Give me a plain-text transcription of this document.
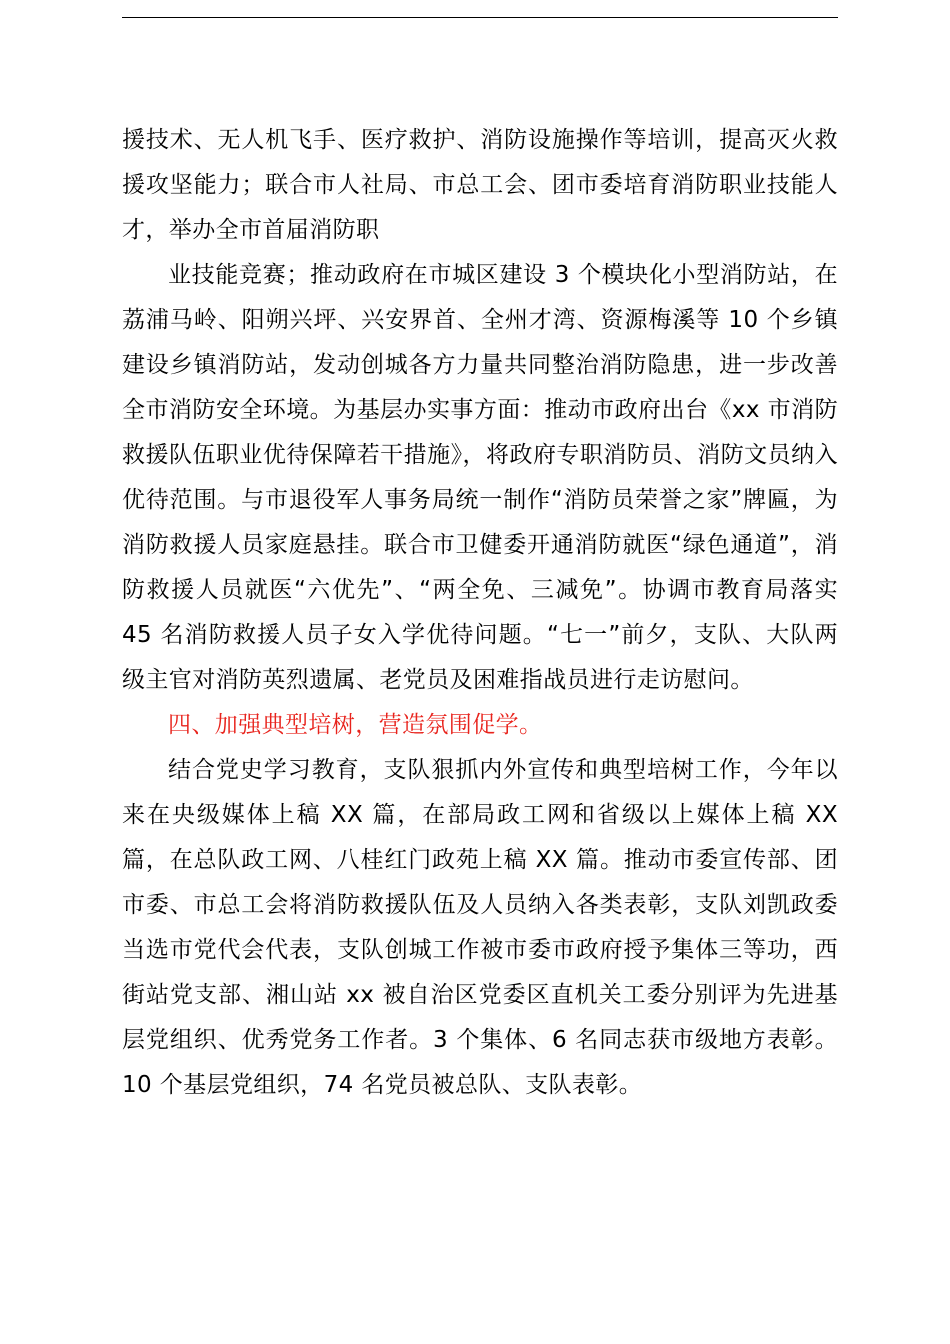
援技术、无人机飞手、医疗救护、消防设施操作等培训，提高灭火救援攻坚能力；联合市人社局、市总工会、团市委培育消防职业技能人才，举办全市首届消防职

业技能竞赛；推动政府在市城区建设 3 个模块化小型消防站，在荔浦马岭、阳朔兴坪、兴安界首、全州才湾、资源梅溪等 10 个乡镇建设乡镇消防站，发动创城各方力量共同整治消防隐患，进一步改善全市消防安全环境。为基层办实事方面：推动市政府出台《xx 市消防救援队伍职业优待保障若干措施》，将政府专职消防员、消防文员纳入优待范围。与市退役军人事务局统一制作“消防员荣誉之家”牌匾，为消防救援人员家庭悬挂。联合市卫健委开通消防就医“绿色通道”，消防救援人员就医“六优先”、“两全免、三减免”。协调市教育局落实 45 名消防救援人员子女入学优待问题。“七一”前夕，支队、大队两级主官对消防英烈遗属、老党员及困难指战员进行走访慰问。

四、加强典型培树，营造氛围促学。

结合党史学习教育，支队狠抓内外宣传和典型培树工作，今年以来在央级媒体上稿 XX 篇，在部局政工网和省级以上媒体上稿 XX 篇，在总队政工网、八桂红门政苑上稿 XX 篇。推动市委宣传部、团市委、市总工会将消防救援队伍及人员纳入各类表彰，支队刘凯政委当选市党代会代表，支队创城工作被市委市政府授予集体三等功，西街站党支部、湘山站 xx 被自治区党委区直机关工委分别评为先进基层党组织、优秀党务工作者。3 个集体、6 名同志获市级地方表彰。10 个基层党组织，74 名党员被总队、支队表彰。
